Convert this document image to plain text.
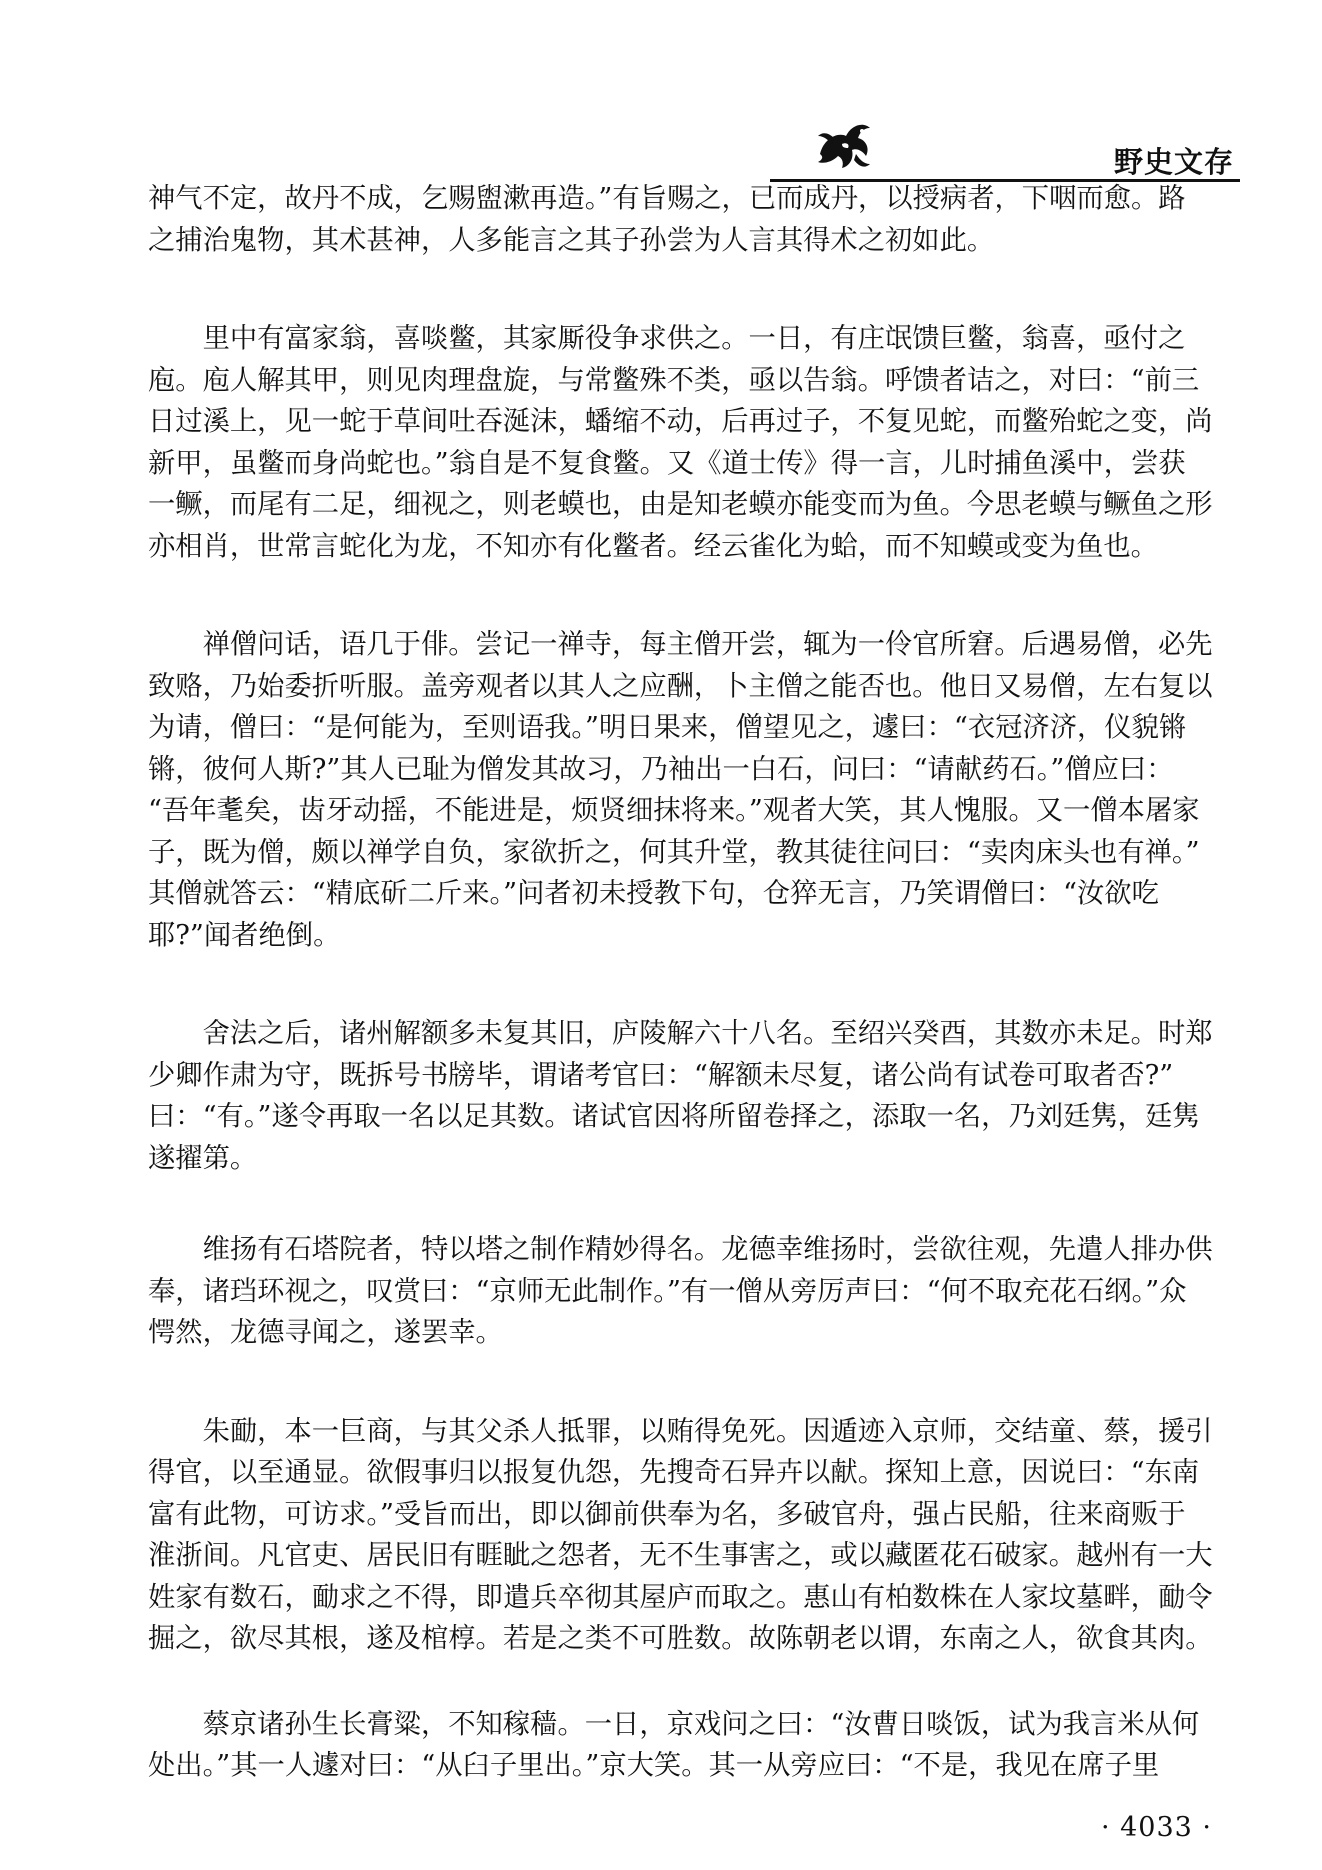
野史文存

神气不定，故丹不成，乞赐盥漱再造。”有旨赐之，已而成丹，以授病者，下咽而愈。路
之捕治鬼物，其术甚神，人多能言之其子孙尝为人言其得术之初如此。

里中有富家翁，喜啖鳖，其家厮役争求供之。一日，有庄氓馈巨鳖，翁喜，亟付之
庖。庖人解其甲，则见肉理盘旋，与常鳖殊不类，亟以告翁。呼馈者诘之，对曰：“前三
日过溪上，见一蛇于草间吐吞涎沫，蟠缩不动，后再过子，不复见蛇，而鳖殆蛇之变，尚
新甲，虽鳖而身尚蛇也。”翁自是不复食鳖。又《道士传》得一言，儿时捕鱼溪中，尝获
一鳜，而尾有二足，细视之，则老蟆也，由是知老蟆亦能变而为鱼。今思老蟆与鳜鱼之形
亦相肖，世常言蛇化为龙，不知亦有化鳖者。经云雀化为蛤，而不知蟆或变为鱼也。

禅僧问话，语几于俳。尝记一禅寺，每主僧开尝，辄为一伶官所窘。后遇易僧，必先
致赂，乃始委折听服。盖旁观者以其人之应酬，卜主僧之能否也。他日又易僧，左右复以
为请，僧曰：“是何能为，至则语我。”明日果来，僧望见之，遽曰：“衣冠济济，仪貌锵
锵，彼何人斯?”其人已耻为僧发其故习，乃袖出一白石，问曰：“请献药石。”僧应曰：
“吾年耄矣，齿牙动摇，不能进是，烦贤细抹将来。”观者大笑，其人愧服。又一僧本屠家
子，既为僧，颇以禅学自负，家欲折之，何其升堂，教其徒往问曰：“卖肉床头也有禅。”
其僧就答云：“精底斫二斤来。”问者初未授教下句，仓猝无言，乃笑谓僧曰：“汝欲吃
耶?”闻者绝倒。

舍法之后，诸州解额多未复其旧，庐陵解六十八名。至绍兴癸酉，其数亦未足。时郑
少卿作肃为守，既拆号书牓毕，谓诸考官曰：“解额未尽复，诸公尚有试卷可取者否?”
曰：“有。”遂令再取一名以足其数。诸试官因将所留卷择之，添取一名，乃刘廷隽，廷隽
遂擢第。

维扬有石塔院者，特以塔之制作精妙得名。龙德幸维扬时，尝欲往观，先遣人排办供
奉，诸珰环视之，叹赏曰：“京师无此制作。”有一僧从旁厉声曰：“何不取充花石纲。”众
愕然，龙德寻闻之，遂罢幸。

朱勔，本一巨商，与其父杀人抵罪，以贿得免死。因遁迹入京师，交结童、蔡，援引
得官，以至通显。欲假事归以报复仇怨，先搜奇石异卉以献。探知上意，因说曰：“东南
富有此物，可访求。”受旨而出，即以御前供奉为名，多破官舟，强占民船，往来商贩于
淮浙间。凡官吏、居民旧有睚眦之怨者，无不生事害之，或以藏匿花石破家。越州有一大
姓家有数石，勔求之不得，即遣兵卒彻其屋庐而取之。惠山有柏数株在人家坟墓畔，勔令
掘之，欲尽其根，遂及棺椁。若是之类不可胜数。故陈朝老以谓，东南之人，欲食其肉。

蔡京诸孙生长膏粱，不知稼穑。一日，京戏问之曰：“汝曹日啖饭，试为我言米从何
处出。”其一人遽对曰：“从臼子里出。”京大笑。其一从旁应曰：“不是，我见在席子里

· 4033 ·
